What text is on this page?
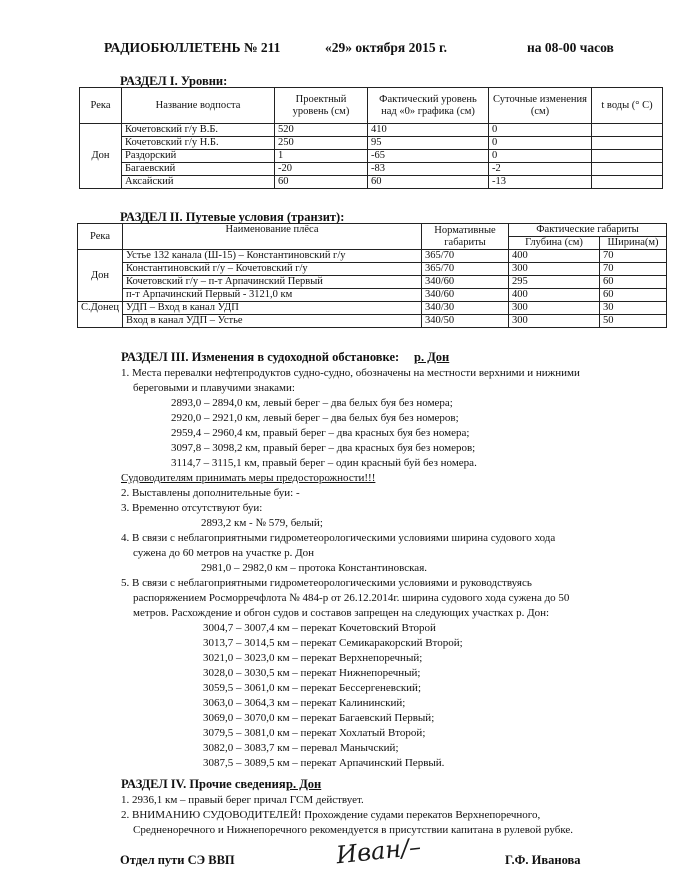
РАДИОБЮЛЛЕТЕНЬ № 211	«29» октября 2015 г.	на 08-00 часов
РАЗДЕЛ I. Уровни:
Река	Название водпоста	Проектный уровень (см)	Фактический уровень над «0» графика (см)	Суточные изменения (см)	t воды (° С)
Дон	Кочетовский г/у В.Б.	520	410	0	
	Кочетовский г/у Н.Б.	250	95	0	
	Раздорский	1	-65	0	
	Багаевский	-20	-83	-2	
	Аксайский	60	60	-13	
РАЗДЕЛ II. Путевые условия (транзит):
Река	Наименование плёса	Нормативные габариты	Фактические габариты	
			Глубина (см)	Ширина(м)
Дон	Устье 132 канала (Ш-15) – Константиновский г/у	365/70	400	70
	Константиновский г/у – Кочетовский г/у	365/70	300	70
	Кочетовский г/у – п-т Арпачинский Первый	340/60	295	60
	п-т Арпачинский Первый - 3121,0 км	340/60	400	60
С.Донец	УДП – Вход в канал УДП	340/30	300	30
	Вход в канал УДП – Устье	340/50	300	50
РАЗДЕЛ III. Изменения в судоходной обстановке: р. Дон
1. Места перевалки нефтепродуктов судно-судно, обозначены на местности верхними и нижними
береговыми и плавучими знаками:
2893,0 – 2894,0 км, левый берег – два белых буя без номера;
2920,0 – 2921,0 км, левый берег – два белых буя без номеров;
2959,4 – 2960,4 км, правый берег – два красных буя без номера;
3097,8 – 3098,2 км, правый берег – два красных буя без номеров;
3114,7 – 3115,1 км, правый берег – один красный буй без номера.
Судоводителям принимать меры предосторожности!!!
2. Выставлены дополнительные буи: -
3. Временно отсутствуют буи:
2893,2 км - № 579, белый;
4. В связи с неблагоприятными гидрометеорологическими условиями ширина судового хода
сужена до 60 метров на участке р. Дон
2981,0 – 2982,0 км – протока Константиновская.
5. В связи с неблагоприятными гидрометеорологическими условиями и руководствуясь
распоряжением Росморречфлота № 484-р от 26.12.2014г. ширина судового хода сужена до 50
метров. Расхождение и обгон судов и составов запрещен на следующих участках р. Дон:
3004,7 – 3007,4 км – перекат Кочетовский Второй
3013,7 – 3014,5 км – перекат Семикаракорский Второй;
3021,0 – 3023,0 км – перекат Верхнепоречный;
3028,0 – 3030,5 км – перекат Нижнепоречный;
3059,5 – 3061,0 км – перекат Бессергеневский;
3063,0 – 3064,3 км – перекат Калининский;
3069,0 – 3070,0 км – перекат Багаевский Первый;
3079,5 – 3081,0 км – перекат Хохлатый Второй;
3082,0 – 3083,7 км – перевал Манычский;
3087,5 – 3089,5 км – перекат Арпачинский Первый.
РАЗДЕЛ IV. Прочие сведения:
р. Дон
1. 2936,1 км – правый берег причал ГСМ действует.
2. ВНИМАНИЮ СУДОВОДИТЕЛЕЙ! Прохождение судами перекатов Верхнепоречного,
Средненоречного и Нижнепоречного рекомендуется в присутствии капитана в рулевой рубке.
Отдел пути СЭ ВВП	Иван/–	Г.Ф. Иванова
